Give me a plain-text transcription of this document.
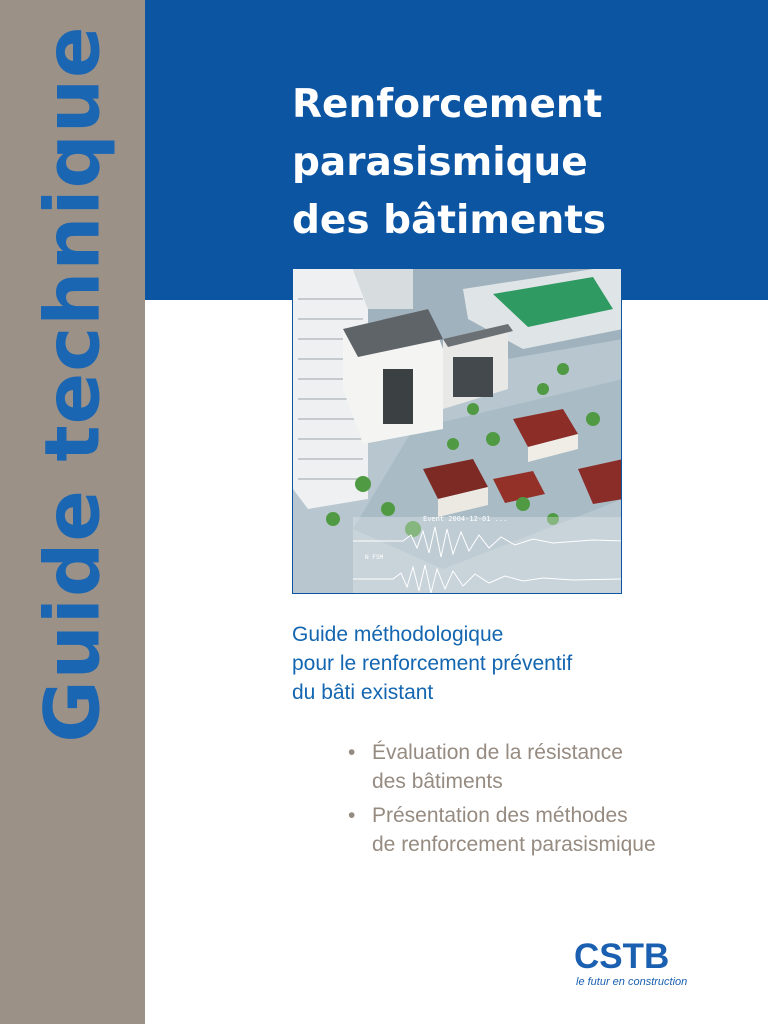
Guide technique	Renforcement
parasismique
des bâtiments
Event 2004-12-01 ...
N FSM

Guide méthodologique
pour le renforcement préventif
du bâti existant

• Évaluation de la résistance
des bâtiments
• Présentation des méthodes
de renforcement parasismique
CSTB
le futur en construction
